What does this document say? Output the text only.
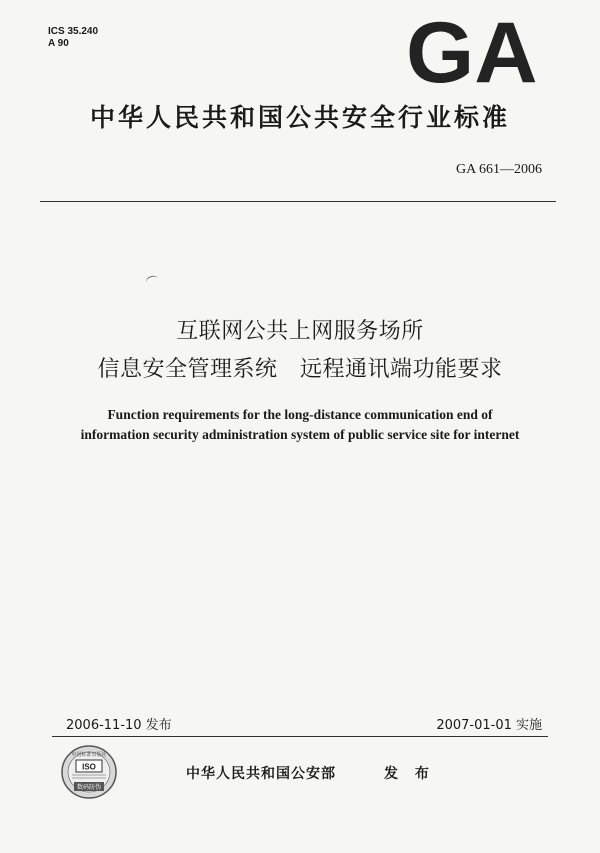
ICS 35.240
A 90	GA
中华人民共和国公共安全行业标准
GA 661—2006
互联网公共上网服务场所
信息安全管理系统　远程通讯端功能要求
Function requirements for the long-distance communication end of
information security administration system of public service site for internet
2006-11-10 发布	2007-01-01 实施
中国标准出版社
ISO
数码防伪
中华人民共和国公安部	发 布
